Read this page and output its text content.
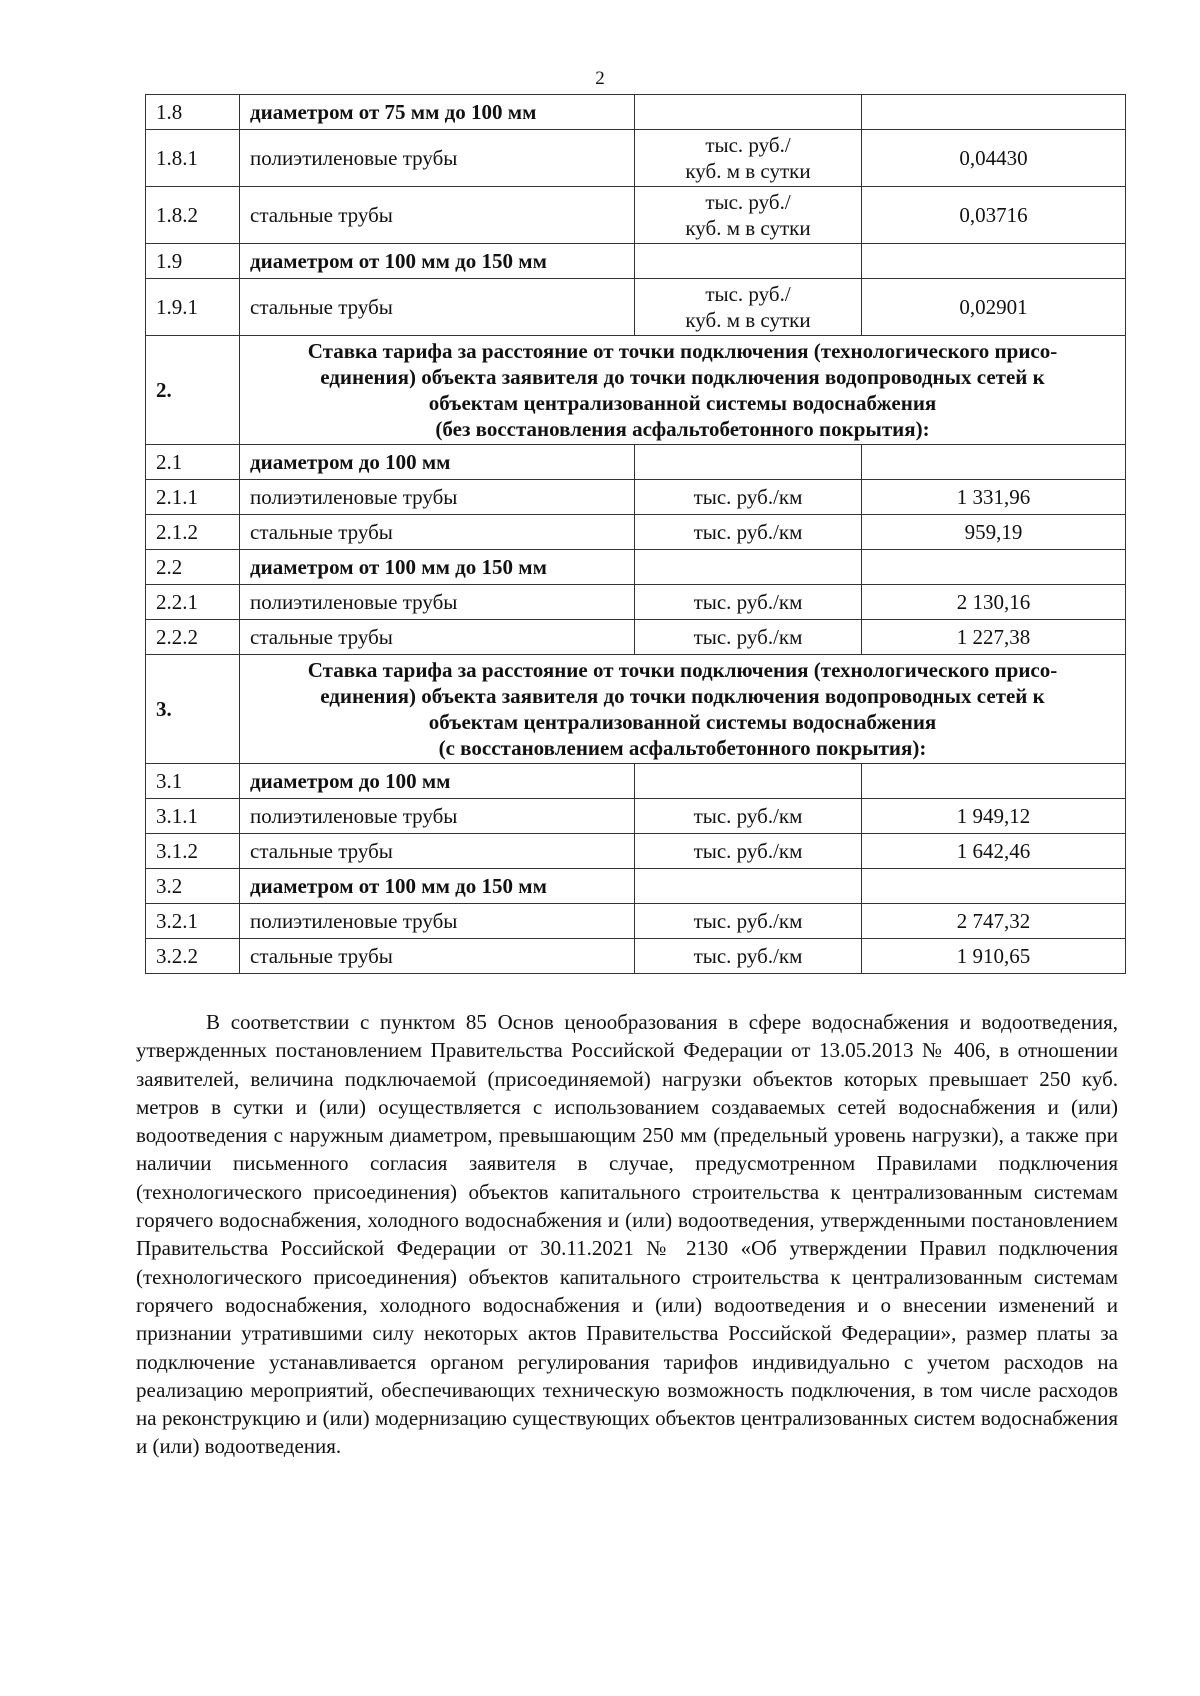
2
1.8	диаметром от 75 мм до 100 мм		
1.8.1	полиэтиленовые трубы	тыс. руб./
куб. м в сутки	0,04430
1.8.2	стальные трубы	тыс. руб./
куб. м в сутки	0,03716
1.9	диаметром от 100 мм до 150 мм		
1.9.1	стальные трубы	тыс. руб./
куб. м в сутки	0,02901
2.	Ставка тарифа за расстояние от точки подключения (технологического присо-
единения) объекта заявителя до точки подключения водопроводных сетей к
объектам централизованной системы водоснабжения
(без восстановления асфальтобетонного покрытия):		

2.1	диаметром до 100 мм		
2.1.1	полиэтиленовые трубы	тыс. руб./км	1 331,96
2.1.2	стальные трубы	тыс. руб./км	959,19
2.2	диаметром от 100 мм до 150 мм		
2.2.1	полиэтиленовые трубы	тыс. руб./км	2 130,16
2.2.2	стальные трубы	тыс. руб./км	1 227,38
3.	Ставка тарифа за расстояние от точки подключения (технологического присо-
единения) объекта заявителя до точки подключения водопроводных сетей к
объектам централизованной системы водоснабжения
(с восстановлением асфальтобетонного покрытия):		

3.1	диаметром до 100 мм		
3.1.1	полиэтиленовые трубы	тыс. руб./км	1 949,12
3.1.2	стальные трубы	тыс. руб./км	1 642,46
3.2	диаметром от 100 мм до 150 мм		
3.2.1	полиэтиленовые трубы	тыс. руб./км	2 747,32
3.2.2	стальные трубы	тыс. руб./км	1 910,65

В соответствии с пунктом 85 Основ ценообразования в сфере водоснабжения и водоотведения, утвержденных постановлением Правительства Российской Федерации от 13.05.2013 № 406, в отношении заявителей, величина подключаемой (присоединяемой) нагрузки объектов которых превышает 250 куб. метров в сутки и (или) осуществляется с использованием создаваемых сетей водоснабжения и (или) водоотведения с наружным диаметром, превышающим 250 мм (предельный уровень нагрузки), а также при наличии письменного согласия заявителя в случае, предусмотренном Правилами подключения (технологического присоединения) объектов капитального строительства к централизованным системам горячего водоснабжения, холодного водоснабжения и (или) водоотведения, утвержденными постановлением Правительства Российской Федерации от 30.11.2021 № 2130 «Об утверждении Правил подключения (технологического присоединения) объектов капитального строительства к централизованным системам горячего водоснабжения, холодного водоснабжения и (или) водоотведения и о внесении изменений и признании утратившими силу некоторых актов Правительства Российской Федерации», размер платы за подключение устанавливается органом регулирования тарифов индивидуально с учетом расходов на реализацию мероприятий, обеспечивающих техническую возможность подключения, в том числе расходов на реконструкцию и (или) модернизацию существующих объектов централизованных систем водоснабжения и (или) водоотведения.
